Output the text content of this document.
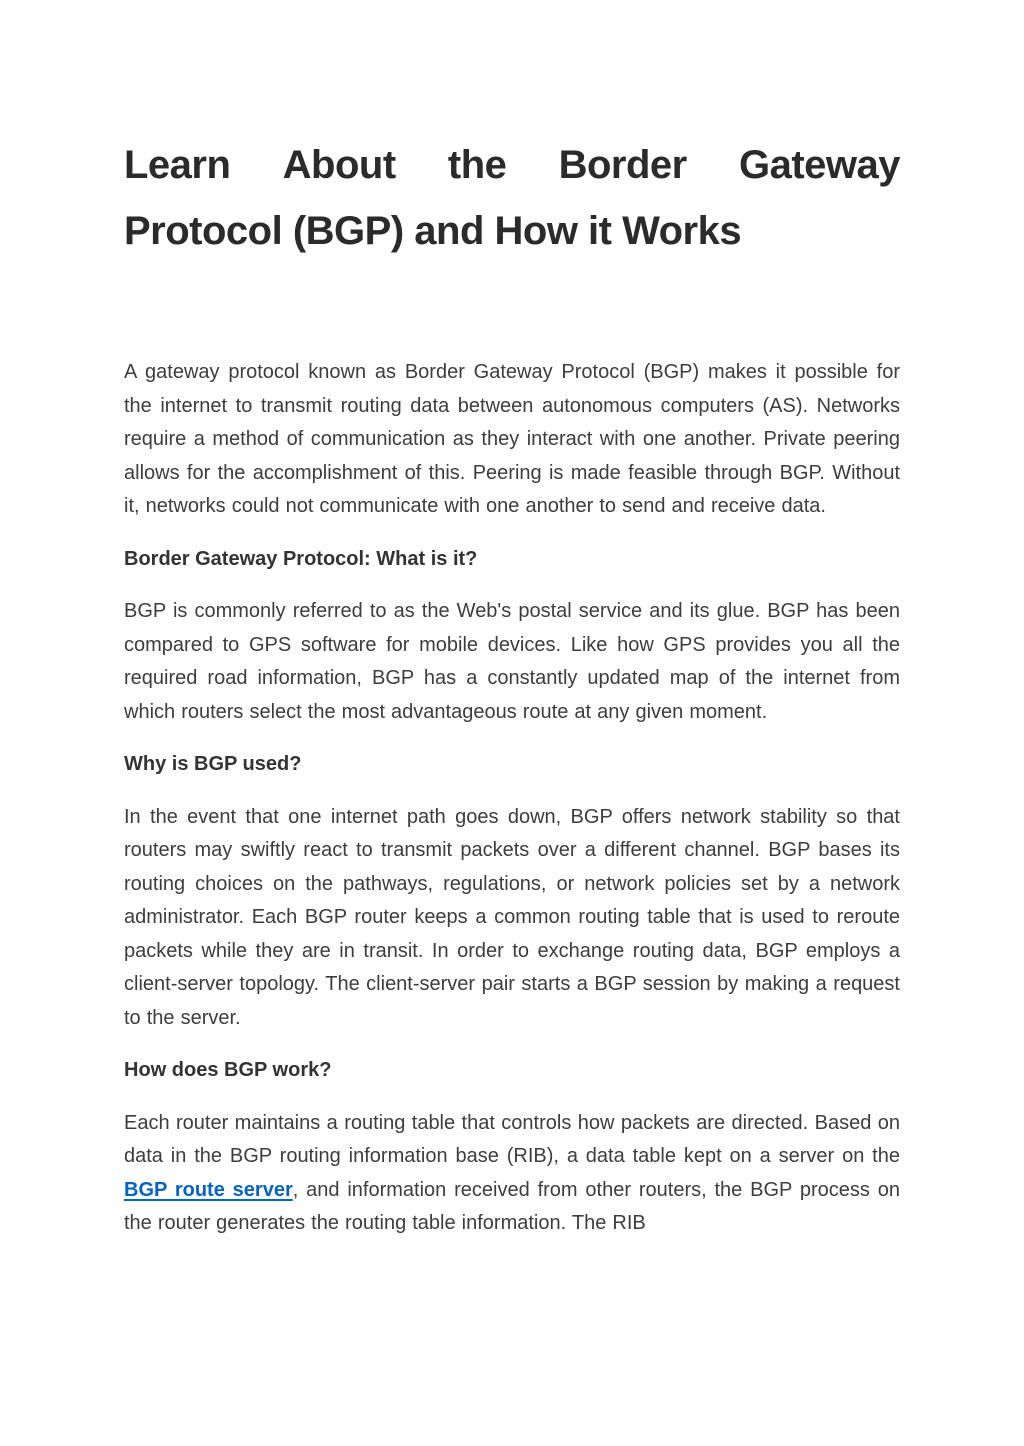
Learn About the Border Gateway
Protocol (BGP) and How it Works

A gateway protocol known as Border Gateway Protocol (BGP) makes it possible for the internet to transmit routing data between autonomous computers (AS). Networks require a method of communication as they interact with one another. Private peering allows for the accomplishment of this. Peering is made feasible through BGP. Without it, networks could not communicate with one another to send and receive data.

Border Gateway Protocol: What is it?

BGP is commonly referred to as the Web's postal service and its glue. BGP has been compared to GPS software for mobile devices. Like how GPS provides you all the required road information, BGP has a constantly updated map of the internet from which routers select the most advantageous route at any given moment.

Why is BGP used?

In the event that one internet path goes down, BGP offers network stability so that routers may swiftly react to transmit packets over a different channel. BGP bases its routing choices on the pathways, regulations, or network policies set by a network administrator. Each BGP router keeps a common routing table that is used to reroute packets while they are in transit. In order to exchange routing data, BGP employs a client-server topology. The client-server pair starts a BGP session by making a request to the server.

How does BGP work?

Each router maintains a routing table that controls how packets are directed. Based on data in the BGP routing information base (RIB), a data table kept on a server on the BGP route server, and information received from other routers, the BGP process on the router generates the routing table information. The RIB
